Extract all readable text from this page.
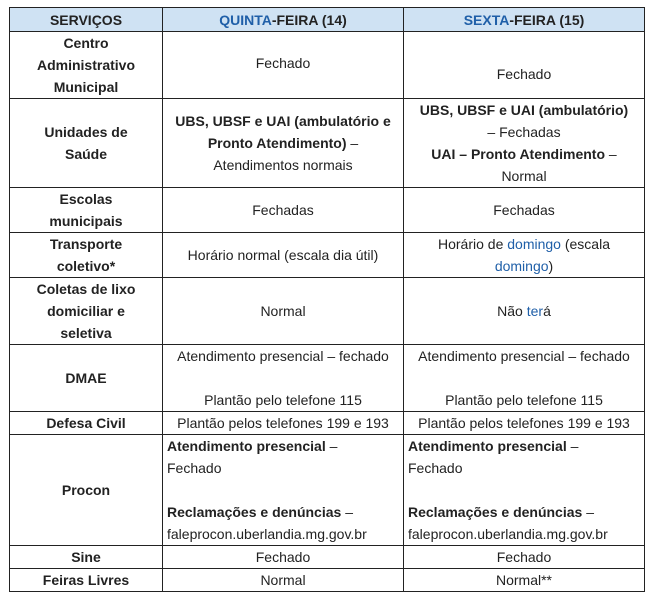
SERVIÇOS	QUINTA-FEIRA (14)	SEXTA-FEIRA (15)

Centro
Administrativo
Municipal	Fechado	Fechado

Unidades de
Saúde	UBS, UBSF e UAI (ambulatório e
Pronto Atendimento) –
Atendimentos normais	UBS, UBSF e UAI (ambulatório)
– Fechadas
UAI – Pronto Atendimento –
Normal

Escolas
municipais	Fechadas	Fechadas

Transporte
coletivo*	Horário normal (escala dia útil)	Horário de domingo (escala
domingo)

Coletas de lixo
domiciliar e
seletiva	Normal	Não terá
DMAE	Atendimento presencial – fechado
Plantão pelo telefone 115	Atendimento presencial – fechado
Plantão pelo telefone 115

Defesa Civil	Plantão pelos telefones 199 e 193	Plantão pelos telefones 199 e 193
Procon	Atendimento presencial –
Fechado
Reclamações e denúncias –
faleprocon.uberlandia.mg.gov.br	Atendimento presencial –
Fechado
Reclamações e denúncias –
faleprocon.uberlandia.mg.gov.br

Sine	Fechado	Fechado
Feiras Livres	Normal	Normal**
